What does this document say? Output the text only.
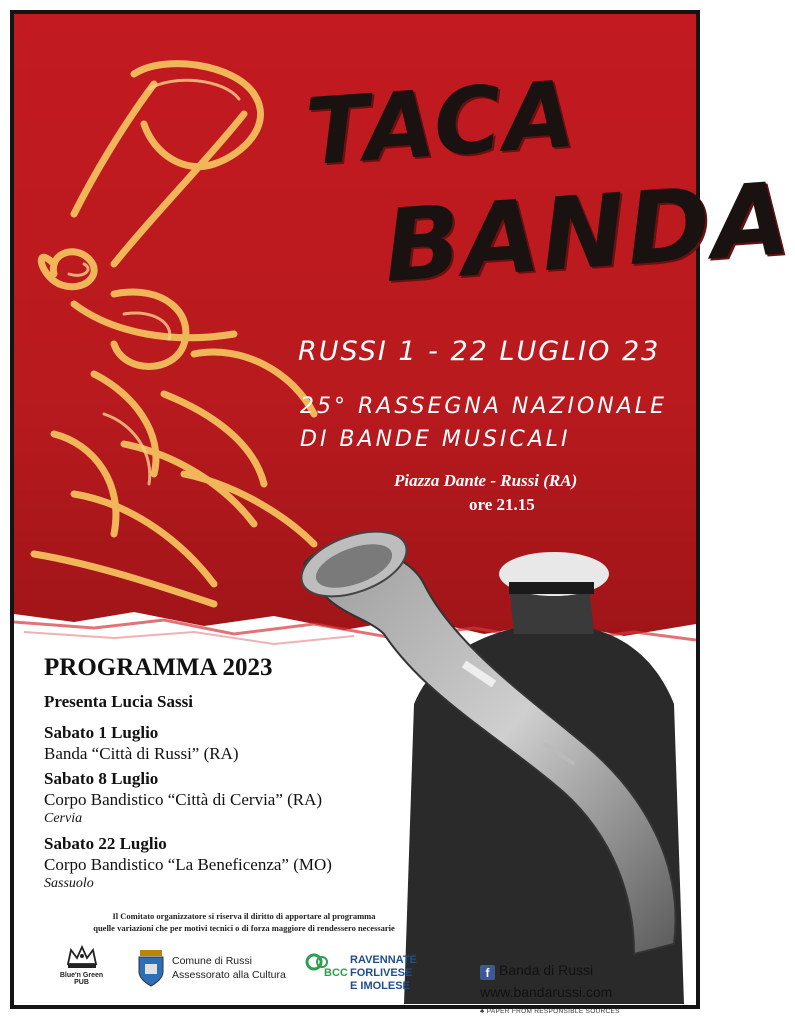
TACA
BANDA
RUSSI 1 - 22 LUGLIO 23
25° RASSEGNA NAZIONALE
DI BANDE MUSICALI
Piazza Dante - Russi (RA)
ore 21.15
PROGRAMMA 2023
Presenta Lucia Sassi
Sabato 1 Luglio
Banda “Città di Russi” (RA)
Sabato 8 Luglio
Corpo Bandistico “Città di Cervia” (RA)
Cervia
Sabato 22 Luglio
Corpo Bandistico “La Beneficenza” (MO)
Sassuolo
Il Comitato organizzatore si riserva il diritto di apportare al programma
quelle variazioni che per motivi tecnici o di forza maggiore di rendessero necessarie
Blue'n Green PUB
Comune di Russi
Assessorato alla Cultura	BCC
RAVENNATE
FORLIVESE
E IMOLESE
f Banda di Russi
www.bandarussi.com
♣ PAPER FROM RESPONSIBLE SOURCES
